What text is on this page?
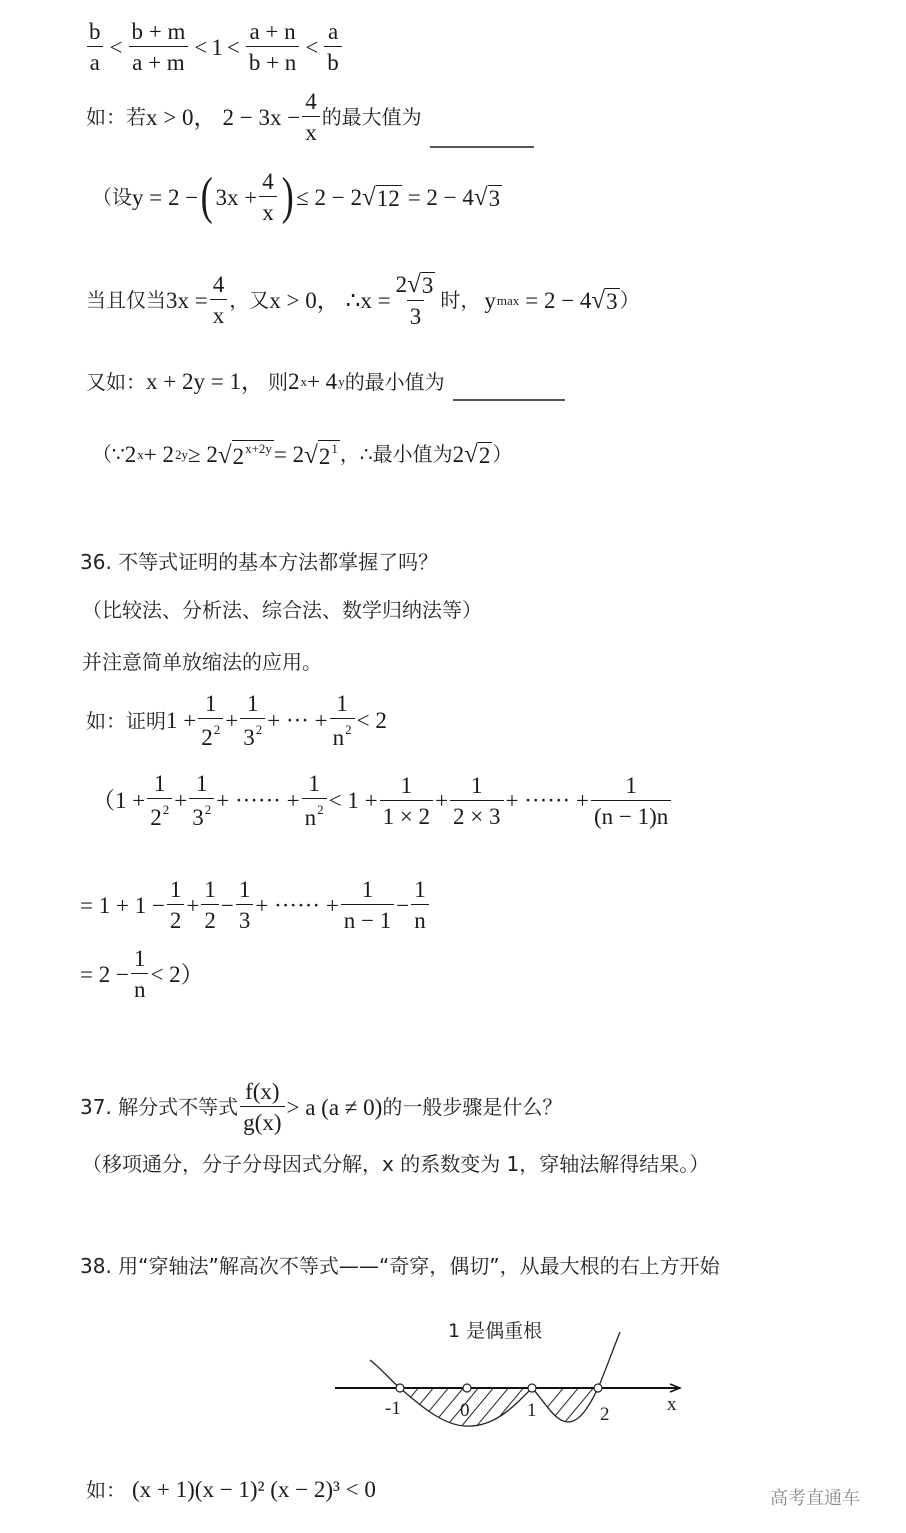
$\frac{b}{a} < \frac{b + m}{a + m} < 1 < \frac{a + n}{b + n} < \frac{a}{b}$
如：若 x > 0， $2 - 3x - \frac{4}{x}$ 的最大值为
（设 y = 2 − ( $3x + \frac{4}{x}$ ) ≤ 2 − 2 √ 12 = 2 − 4 √ 3
当且仅当 $3x = \frac{4}{x}$ ，又 x > 0， ∴ $x = \frac{2 √ 3}{3}$ 时， y max = 2 − 4 √ 3 ）
又如： x + 2y = 1， 则 2 x + 4 y 的最小值为
（∵ 2 x + 2 2y ≥ 2 √ $2^{x+2y} = 2$ √ $2^1$ ，∴最小值为 2 √ 2 ）
36. 不等式证明的基本方法都掌握了吗？
（比较法、分析法、综合法、数学归纳法等）
并注意简单放缩法的应用。
如：证明 $1 + \frac{1}{2^2} + \frac{1}{3^2}$ + ··· + $\frac{1}{n^2} < 2$
（$1 + \frac{1}{2^2} + \frac{1}{3^2}$ + ······ + $\frac{1}{n^2} < 1 + \frac{1}{1 \times 2} + \frac{1}{2 \times 3}$ + ······ + $\frac{1}{(n - 1)n}$
= $1 + 1 - \frac{1}{2} + \frac{1}{2} - \frac{1}{3}$ + ······ + $\frac{1}{n - 1} - \frac{1}{n}$
= $2 - \frac{1}{n} < 2$）
37. 解分式不等式 $\frac{f(x)}{g(x)} > a$ (a ≠ 0) 的一般步骤是什么？
（移项通分，分子分母因式分解，x 的系数变为 1，穿轴法解得结果。）
38. 用“穿轴法”解高次不等式——“奇穿，偶切”，从最大根的右上方开始
1 是偶重根
-1	0	1	2	x
如： (x + 1)(x − 1)² (x − 2)³ < 0	高考直通车
